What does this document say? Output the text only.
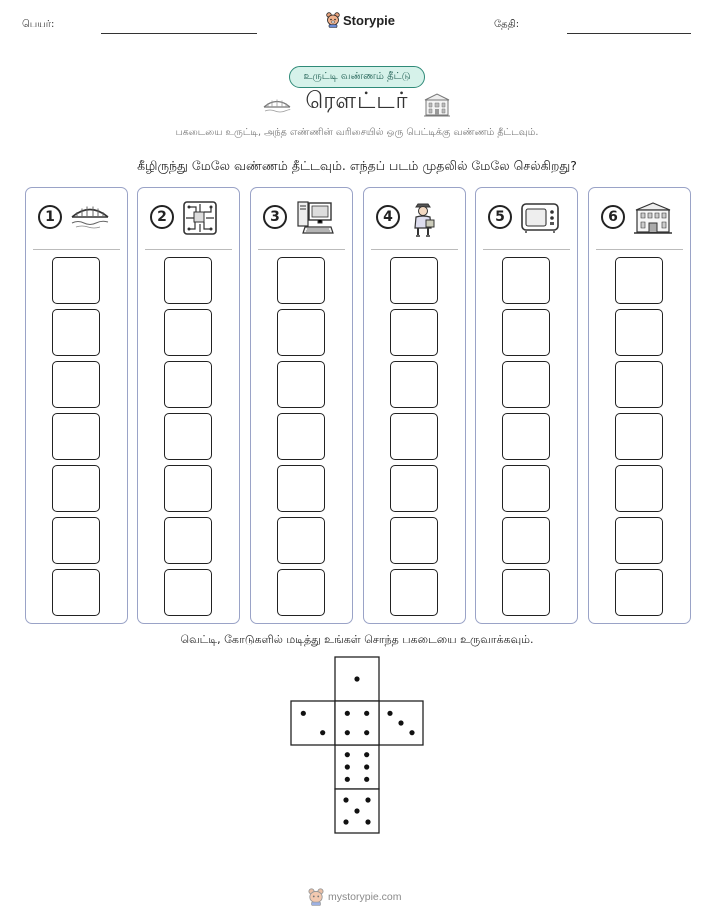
பெயர்:	தேதி:
Storypie
உருட்டி வண்ணம் தீட்டு
ரௌட்டர்
பகடையை உருட்டி, அந்த எண்ணின் வரிசையில் ஒரு பெட்டிக்கு வண்ணம் தீட்டவும்.
கீழிருந்து மேலே வண்ணம் தீட்டவும். எந்தப் படம் முதலில் மேலே செல்கிறது?
1	2	3	4	5	6
வெட்டி, கோடுகளில் மடித்து உங்கள் சொந்த பகடையை உருவாக்கவும்.
mystorypie.com
